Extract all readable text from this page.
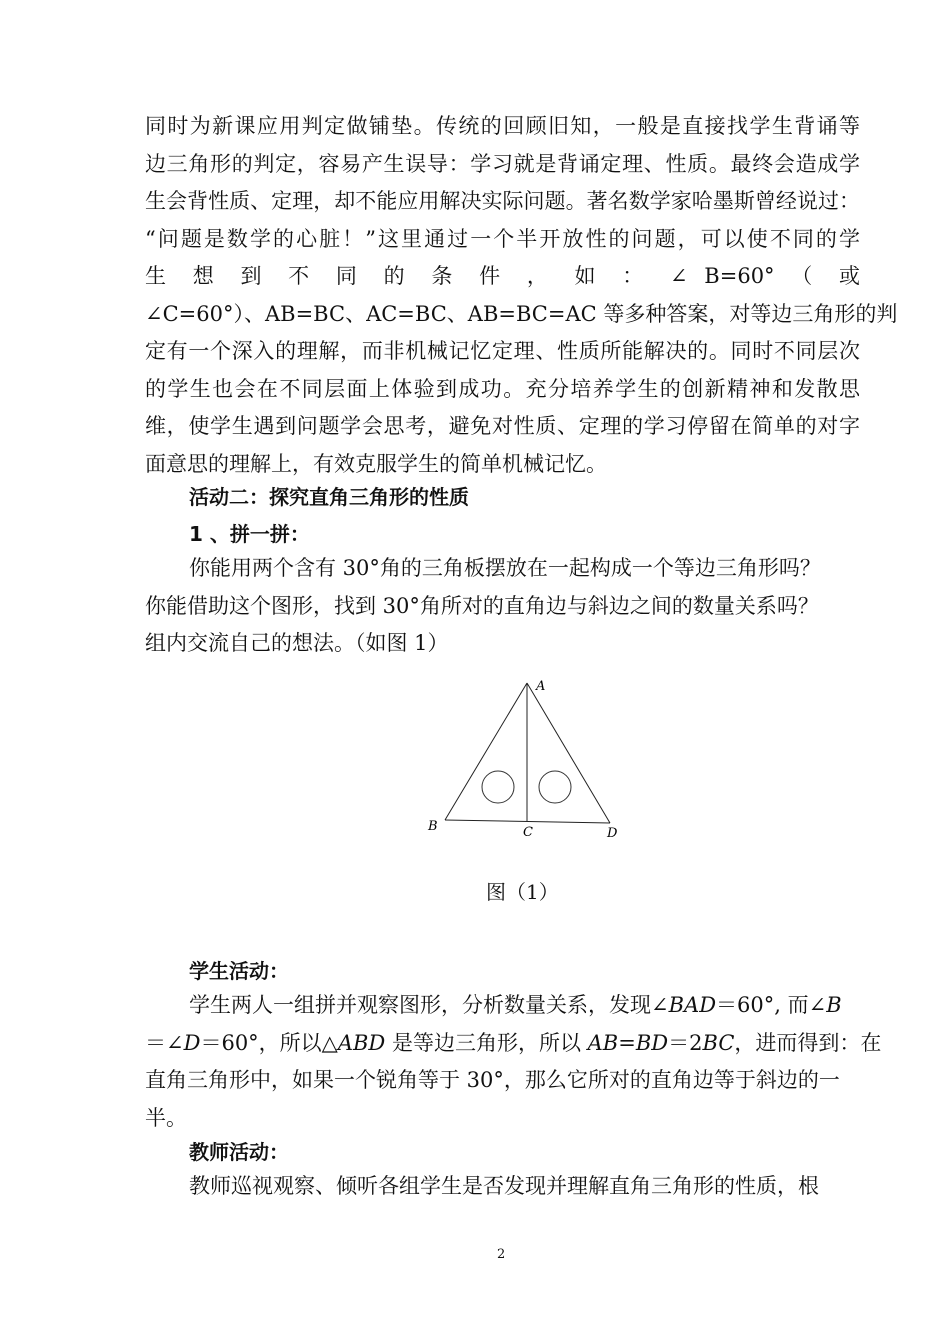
同时为新课应用判定做铺垫。传统的回顾旧知，一般是直接找学生背诵等
边三角形的判定，容易产生误导：学习就是背诵定理、性质。最终会造成学
生会背性质、定理，却不能应用解决实际问题。著名数学家哈墨斯曾经说过：
“问题是数学的心脏！”这里通过一个半开放性的问题，可以使不同的学
生 想 到 不 同 的 条 件 ， 如 ： ∠ B=60° （ 或
∠C=60°）、AB=BC、AC=BC、AB=BC=AC 等多种答案，对等边三角形的判
定有一个深入的理解，而非机械记忆定理、性质所能解决的。同时不同层次
的学生也会在不同层面上体验到成功。充分培养学生的创新精神和发散思
维，使学生遇到问题学会思考，避免对性质、定理的学习停留在简单的对字
面意思的理解上，有效克服学生的简单机械记忆。
活动二：探究直角三角形的性质
1 、拼一拼：
你能用两个含有 30°角的三角板摆放在一起构成一个等边三角形吗？
你能借助这个图形，找到 30°角所对的直角边与斜边之间的数量关系吗？
组内交流自己的想法。（如图 1）
A
B	C	D
图（1）
学生活动：
学生两人一组拼并观察图形，分析数量关系，发现∠BAD＝60°, 而∠B
＝∠D＝60°，所以△ABD 是等边三角形，所以 AB=BD＝2BC，进而得到：在
直角三角形中，如果一个锐角等于 30°，那么它所对的直角边等于斜边的一
半。
教师活动：
教师巡视观察、倾听各组学生是否发现并理解直角三角形的性质，根
2
